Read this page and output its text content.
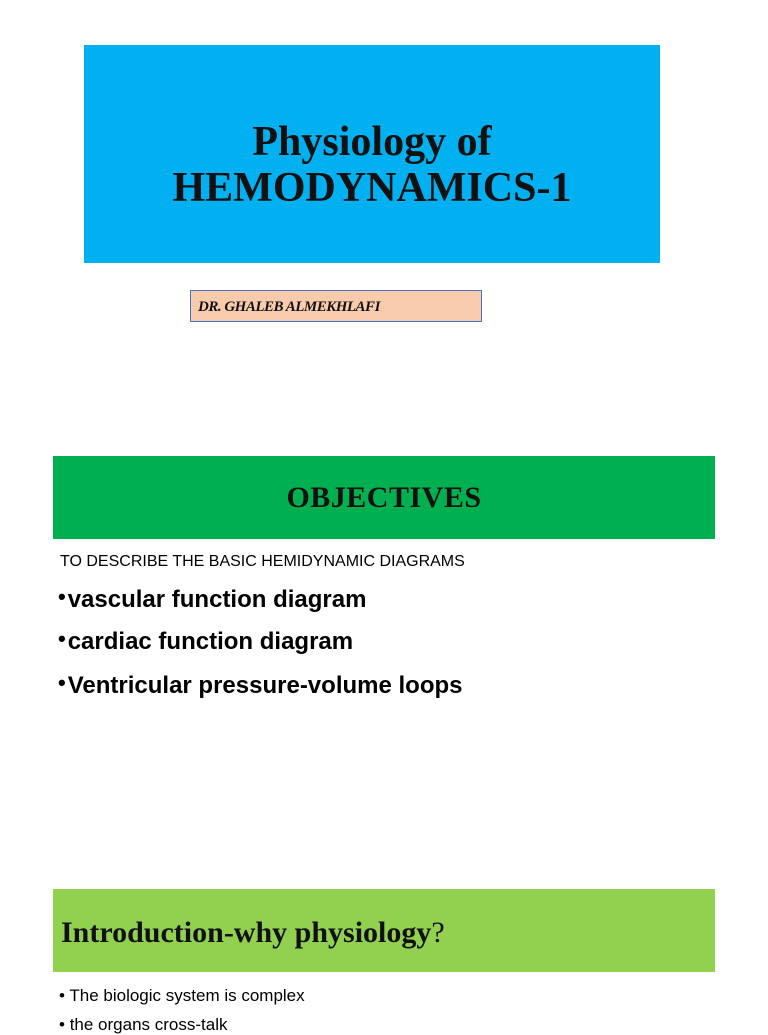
Physiology of
HEMODYNAMICS-1
DR. GHALEB ALMEKHLAFI
OBJECTIVES
TO DESCRIBE THE BASIC HEMIDYNAMIC DIAGRAMS
• vascular function diagram
• cardiac function diagram
• Ventricular pressure-volume loops
Introduction-why physiology?
• The biologic system is complex
• the organs cross-talk
